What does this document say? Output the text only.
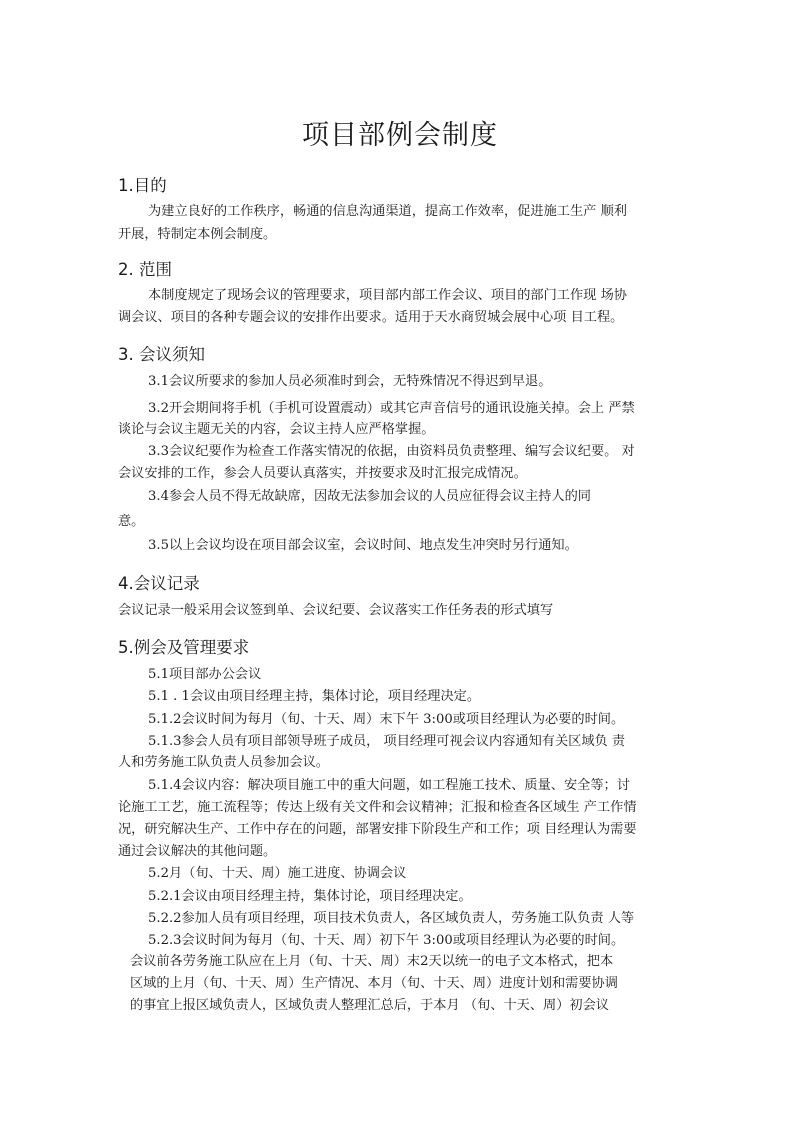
项目部例会制度
1.目的
为建立良好的工作秩序，畅通的信息沟通渠道，提高工作效率，促进施工生产 顺利
开展，特制定本例会制度。
2. 范围
本制度规定了现场会议的管理要求，项目部内部工作会议、项目的部门工作现 场协
调会议、项目的各种专题会议的安排作出要求。适用于天水商贸城会展中心项 目工程。
3. 会议须知
3.1会议所要求的参加人员必须准时到会，无特殊情况不得迟到早退。
3.2开会期间将手机（手机可设置震动）或其它声音信号的通讯设施关掉。会上 严禁
谈论与会议主题无关的内容，会议主持人应严格掌握。
3.3会议纪要作为检查工作落实情况的依据，由资料员负责整理、编写会议纪要。 对
会议安排的工作，参会人员要认真落实，并按要求及时汇报完成情况。
3.4参会人员不得无故缺席，因故无法参加会议的人员应征得会议主持人的同
意。
3.5以上会议均设在项目部会议室，会议时间、地点发生冲突时另行通知。
4.会议记录
会议记录一般采用会议签到单、会议纪要、会议落实工作任务表的形式填写
5.例会及管理要求
5.1项目部办公会议
5.1 . 1会议由项目经理主持，集体讨论，项目经理决定。
5.1.2会议时间为每月（旬、十天、周）末下午 3:00或项目经理认为必要的时间。
5.1.3参会人员有项目部领导班子成员， 项目经理可视会议内容通知有关区域负 责
人和劳务施工队负责人员参加会议。
5.1.4会议内容：解决项目施工中的重大问题，如工程施工技术、质量、安全等；讨
论施工工艺，施工流程等；传达上级有关文件和会议精神；汇报和检查各区域生 产工作情
况，研究解决生产、工作中存在的问题，部署安排下阶段生产和工作；项 目经理认为需要
通过会议解决的其他问题。
5.2月（旬、十天、周）施工进度、协调会议
5.2.1会议由项目经理主持，集体讨论，项目经理决定。
5.2.2参加人员有项目经理，项目技术负责人，各区域负责人，劳务施工队负责 人等
5.2.3会议时间为每月（旬、十天、周）初下午 3:00或项目经理认为必要的时间。
会议前各劳务施工队应在上月（旬、十天、周）末2天以统一的电子文本格式，把本
区域的上月（旬、十天、周）生产情况、本月（旬、十天、周）进度计划和需要协调
的事宜上报区域负责人，区域负责人整理汇总后，于本月 （旬、十天、周）初会议
